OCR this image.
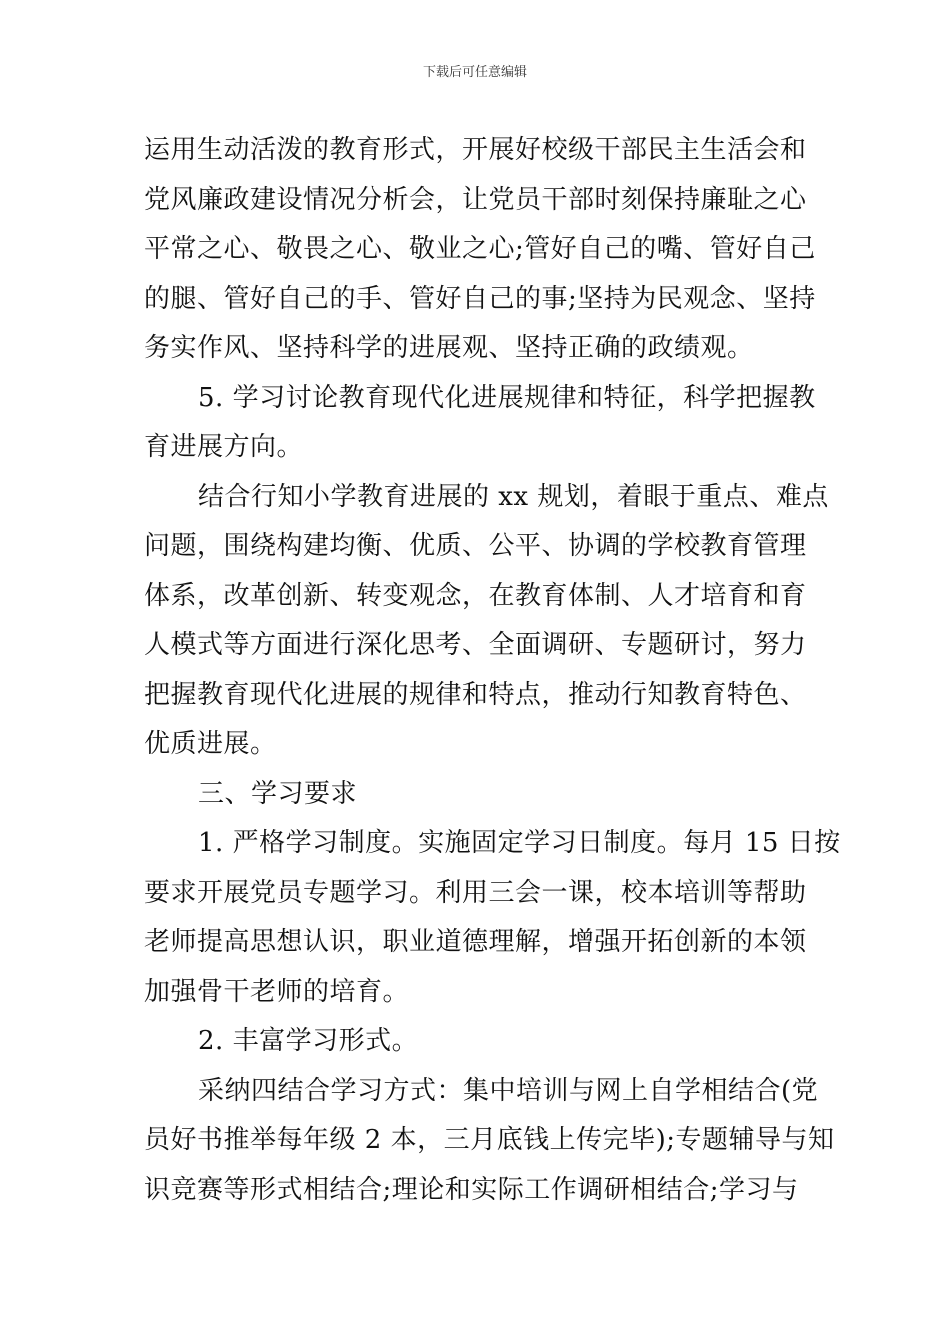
下载后可任意编辑
运用生动活泼的教育形式，开展好校级干部民主生活会和
党风廉政建设情况分析会，让党员干部时刻保持廉耻之心
平常之心、敬畏之心、敬业之心;管好自己的嘴、管好自己
的腿、管好自己的手、管好自己的事;坚持为民观念、坚持
务实作风、坚持科学的进展观、坚持正确的政绩观。
5. 学习讨论教育现代化进展规律和特征，科学把握教
育进展方向。
结合行知小学教育进展的 xx 规划，着眼于重点、难点
问题，围绕构建均衡、优质、公平、协调的学校教育管理
体系，改革创新、转变观念，在教育体制、人才培育和育
人模式等方面进行深化思考、全面调研、专题研讨，努力
把握教育现代化进展的规律和特点，推动行知教育特色、
优质进展。
三、学习要求
1. 严格学习制度。实施固定学习日制度。每月 15 日按
要求开展党员专题学习。利用三会一课，校本培训等帮助
老师提高思想认识，职业道德理解，增强开拓创新的本领
加强骨干老师的培育。
2. 丰富学习形式。
采纳四结合学习方式：集中培训与网上自学相结合(党
员好书推举每年级 2 本，三月底钱上传完毕);专题辅导与知
识竞赛等形式相结合;理论和实际工作调研相结合;学习与
